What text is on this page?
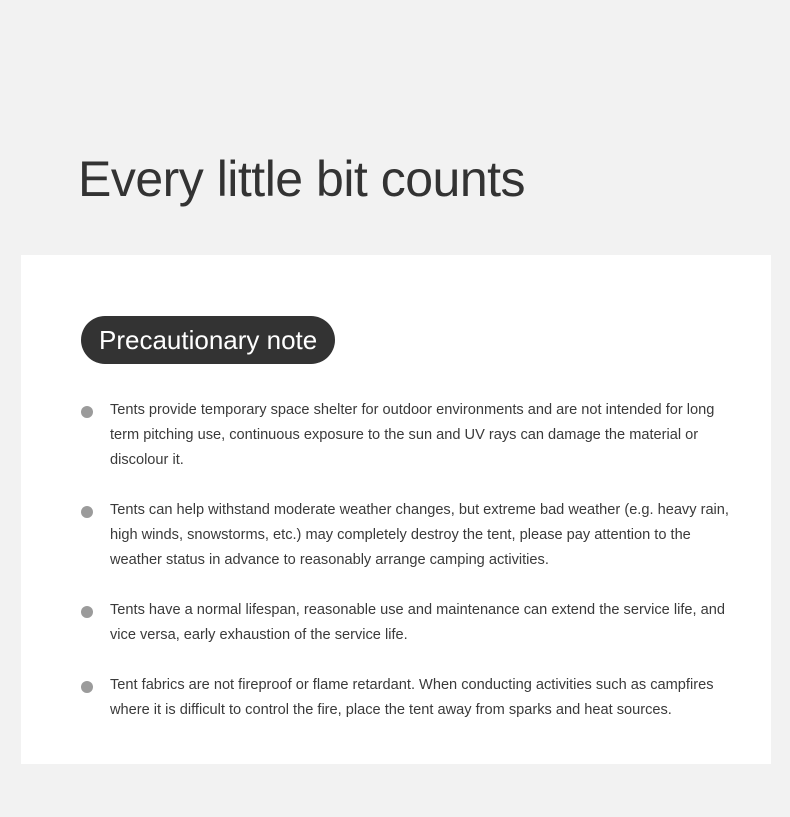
Every little bit counts
Precautionary note
Tents provide temporary space shelter for outdoor environments and are not intended for long term pitching use, continuous exposure to the sun and UV rays can damage the material or discolour it.
Tents can help withstand moderate weather changes, but extreme bad weather (e.g. heavy rain, high winds, snowstorms, etc.) may completely destroy the tent, please pay attention to the weather status in advance to reasonably arrange camping activities.
Tents have a normal lifespan, reasonable use and maintenance can extend the service life, and vice versa, early exhaustion of the service life.
Tent fabrics are not fireproof or flame retardant. When conducting activities such as campfires where it is difficult to control the fire, place the tent away from sparks and heat sources.
